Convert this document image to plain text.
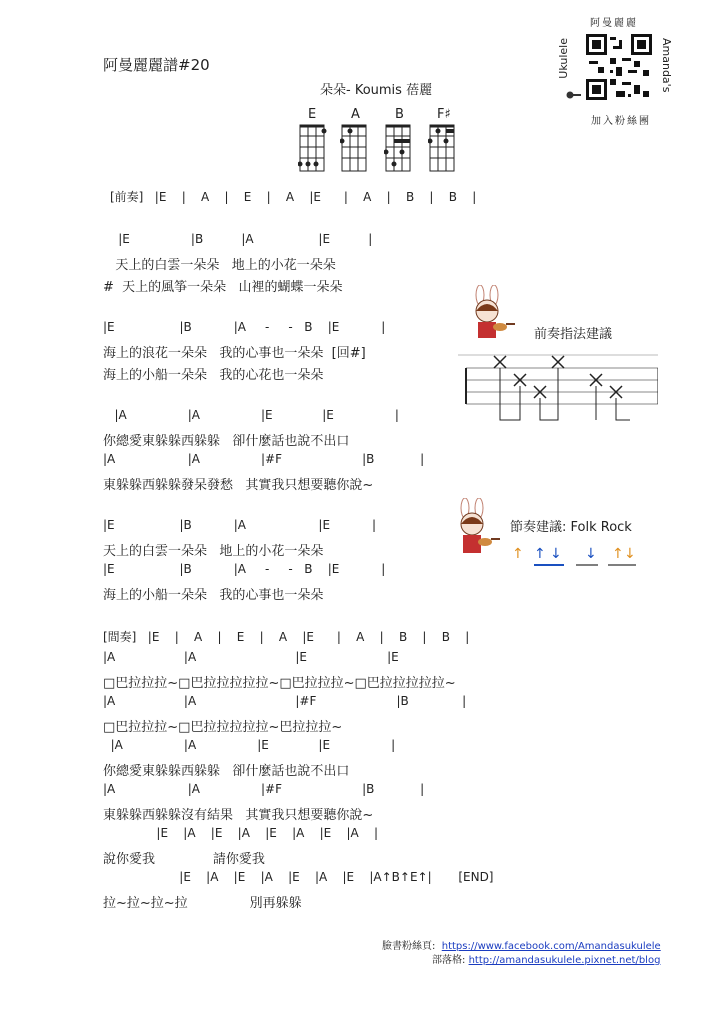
阿曼麗麗譜#20
朵朵- Koumis 蓓麗
阿曼麗麗
加入粉絲團
Ukulele	Amanda's
E	A	B	F♯
[前奏]   |E    |    A    |    E    |    A    |E      |    A    |    B    |    B    |
|E                |B          |A                 |E          |
天上的白雲一朵朵   地上的小花一朵朵
#  天上的風筝一朵朵   山裡的蝴蝶一朵朵
|E                 |B           |A     -     -   B    |E           |
海上的浪花一朵朵   我的心事也一朵朵  [回#]
海上的小船一朵朵   我的心花也一朵朵
|A                |A                |E             |E                |
你總愛東躲躲西躲躲   卻什麼話也說不出口
|A                   |A                |#F                     |B            |
東躲躲西躲躲發呆發愁   其實我只想要聽你說~
|E                 |B           |A                   |E           |
天上的白雲一朵朵   地上的小花一朵朵
|E                 |B           |A     -     -   B    |E           |
海上的小船一朵朵   我的心事也一朵朵
[間奏]   |E    |    A    |    E    |    A    |E      |    A    |    B    |    B    |
|A                  |A                          |E                     |E
□巴拉拉拉~□巴拉拉拉拉拉~□巴拉拉拉~□巴拉拉拉拉拉~
|A                  |A                          |#F                     |B              |
□巴拉拉拉~□巴拉拉拉拉拉~巴拉拉拉~
|A                |A                |E             |E                |
你總愛東躲躲西躲躲   卻什麼話也說不出口
|A                   |A                |#F                     |B            |
東躲躲西躲躲沒有結果   其實我只想要聽你說~
|E    |A    |E    |A    |E    |A    |E    |A    |
說你愛我              請你愛我
|E    |A    |E    |A    |E    |A    |E    |A↑B↑E↑|       [END]
拉~拉~拉~拉               別再躲躲
前奏指法建議
節奏建議: Folk Rock
↑ ↑ ↓ ↓ ↑ ↓
臉書粉絲頁:  https://www.facebook.com/Amandasukulele
部落格: http://amandasukulele.pixnet.net/blog
